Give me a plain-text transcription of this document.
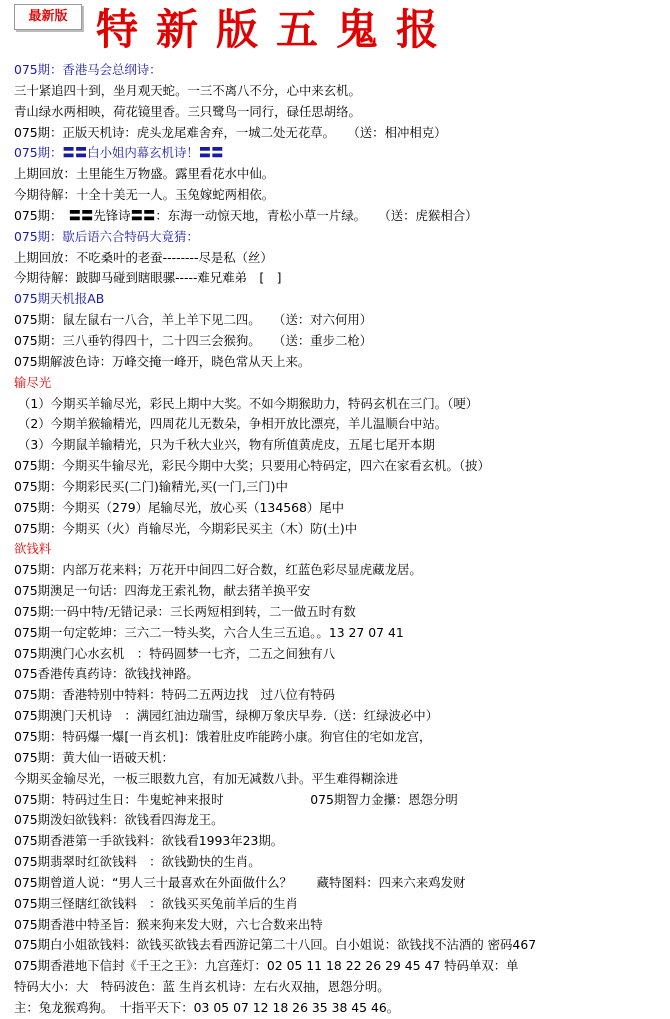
最新版 特新版五鬼报
075期：香港马会总纲诗：
三十紧追四十到，坐月观天蛇。一三不离八不分，心中来玄机。
青山绿水两相映，荷花镜里香。三只鹭鸟一同行，碌任思胡络。
075期：正版天机诗：虎头龙尾难舍弃，一城二处无花草。　　（送：相冲相克）
075期：〓〓白小姐内幕玄机诗！〓〓
上期回放：土里能生万物盛。露里看花水中仙。
今期待解：十全十美无一人。玉兔嫁蛇两相依。
075期：　〓〓先锋诗〓〓：东海一动惊天地，青松小草一片绿。　　（送：虎猴相合）
075期：歇后语六合特码大竟猜：
上期回放：不吃桑叶的老蚕--------尽是私（丝）
今期待解：跛脚马碰到瞎眼骡-----难兄难弟　[　]
075期天机报AB
075期：鼠左鼠右一八合，羊上羊下见二四。　　（送：对六何用）
075期：三八垂钓得四十，二十四三会猴狗。　　（送：重步二枪）
075期解波色诗：万峰交掩一峰开，晓色常从天上来。
输尽光
（1）今期买羊输尽光，彩民上期中大奖。不如今期猴助力，特码玄机在三门。（哽）
（2）今期羊猴输精光，四周花儿无数朵，争相开放比漂亮，羊儿温顺台中站。
（3）今期鼠羊输精光，只为千秋大业兴，物有所值黄虎皮，五尾七尾开本期
075期：今期买牛输尽光，彩民今期中大奖；只要用心特码定，四六在家看玄机。（披）
075期：今期彩民买(二门)输精光,买(一门,三门)中
075期：今期买（279）尾输尽光，放心买（134568）尾中
075期：今期买（火）肖输尽光，今期彩民买主（木）防(土)中
欲钱料
075期：内部万花来料；万花开中间四二好合数，红蓝色彩尽显虎藏龙居。
075期澳足一句话：四海龙王索礼物，献去猪羊换平安
075期:一码中特/无错记录：三长两短相到转，二一做五时有数
075期一句定乾坤：三六二一特头奖，六合人生三五追。。13 27 07 41
075期澳门心水玄机　：特码圆梦一七齐，二五之间独有八
075香港传真药诗：欲钱找神路。
075期：香港特别中特料：特码二五两边找　过八位有特码
075期澳门天机诗　：满园红油边瑞雪，绿柳万象庆早券.（送：红绿波必中）
075期：特码爆一爆[一肖玄机]：饿着肚皮咋能跨小康。狗官住的宅如龙宫，
075期：黄大仙一语破天机：
今期买金输尽光，一板三眼数九宫，有加无减数八卦。平生难得糊涂进
075期：特码过生日：牛鬼蛇神来报时　　　　　　　075期智力金攥：恩怨分明
075期泼妇欲钱料：欲钱看四海龙王。
075期香港第一手欲钱料：欲钱看1993年23期。
075期翡翠时红欲钱料　：欲钱勤快的生肖。
075期曾道人说：“男人三十最喜欢在外面做什么？　　藏特图料：四来六来鸡发财
075期三怪瞎红欲钱料　：欲钱买买兔前羊后的生肖
075期香港中特圣旨：猴来狗来发大财，六七合数来出特
075期白小姐欲钱料：欲钱买欲钱去看西游记第二十八回。白小姐说：欲钱找不沾酒的 密码467
075期香港地下信封《千王之王》：九宫莲灯：02 05 11 18 22 26 29 45 47 特码单双：单
特码大小：大　特码波色：蓝 生肖玄机诗：左右火双抽，恩怨分明。
主：兔龙猴鸡狗。　十指平天下：03 05 07 12 18 26 35 38 45 46。
